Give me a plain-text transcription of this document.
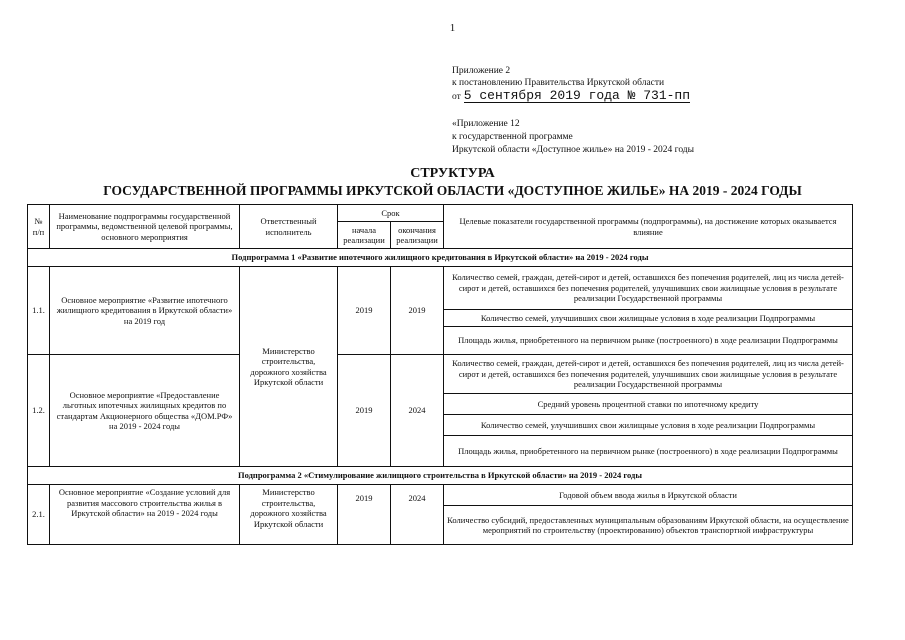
1
Приложение 2
к постановлению Правительства Иркутской области
от 5 сентября 2019 года № 731-пп
«Приложение 12
к государственной программе
Иркутской области «Доступное жилье» на 2019 - 2024 годы
СТРУКТУРА
ГОСУДАРСТВЕННОЙ ПРОГРАММЫ ИРКУТСКОЙ ОБЛАСТИ «ДОСТУПНОЕ ЖИЛЬЕ» НА 2019 - 2024 ГОДЫ
№ п/п	Наименование подпрограммы государственной программы, ведомственной целевой программы, основного мероприятия	Ответственный исполнитель	Срок		Целевые показатели государственной программы (подпрограммы), на достижение которых оказывается влияние
			начала реализации	окончания реализации	
Подпрограмма 1 «Развитие ипотечного жилищного кредитования в Иркутской области» на 2019 - 2024 годы					
1.1.	Основное мероприятие «Развитие ипотечного жилищного кредитования в Иркутской области» на 2019 год	Министерство строительства, дорожного хозяйства Иркутской области	2019	2019	Количество семей, граждан, детей-сирот и детей, оставшихся без попечения родителей, лиц из числа детей-сирот и детей, оставшихся без попечения родителей, улучшивших свои жилищные условия в результате реализации Государственной программы
					Количество семей, улучшивших свои жилищные условия в ходе реализации Подпрограммы
					Площадь жилья, приобретенного на первичном рынке (построенного) в ходе реализации Подпрограммы
1.2.	Основное мероприятие «Предоставление льготных ипотечных жилищных кредитов по стандартам Акционерного общества «ДОМ.РФ» на 2019 - 2024 годы		2019	2024	Количество семей, граждан, детей-сирот и детей, оставшихся без попечения родителей, лиц из числа детей-сирот и детей, оставшихся без попечения родителей, улучшивших свои жилищные условия в результате реализации Государственной программы
					Средний уровень процентной ставки по ипотечному кредиту
					Количество семей, улучшивших свои жилищные условия в ходе реализации Подпрограммы
					Площадь жилья, приобретенного на первичном рынке (построенного) в ходе реализации Подпрограммы
Подпрограмма 2 «Стимулирование жилищного строительства в Иркутской области» на 2019 - 2024 годы					
2.1.	Основное мероприятие «Создание условий для развития массового строительства жилья в Иркутской области» на 2019 - 2024 годы	Министерство строительства, дорожного хозяйства Иркутской области	2019	2024	Годовой объем ввода жилья в Иркутской области
					Количество субсидий, предоставленных муниципальным образованиям Иркутской области, на осуществление мероприятий по строительству (проектированию) объектов транспортной инфраструктуры
